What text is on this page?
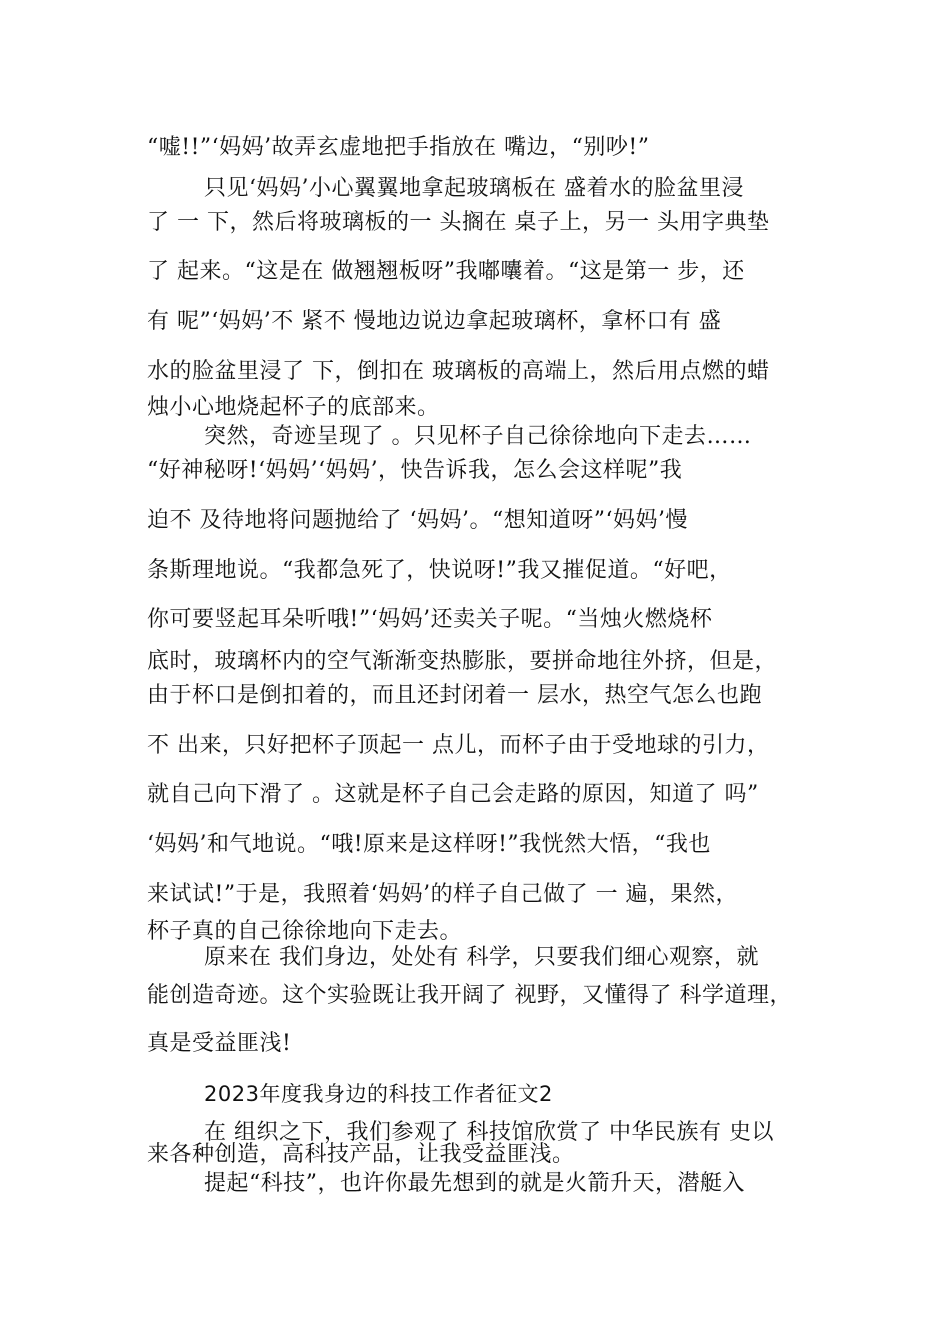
“嘘!!”‘妈妈’故弄玄虚地把手指放在 嘴边，“别吵!”
只见‘妈妈’小心翼翼地拿起玻璃板在 盛着水的脸盆里浸
了 一 下，然后将玻璃板的一 头搁在 桌子上，另一 头用字典垫
了 起来。“这是在 做翘翘板呀”我嘟囔着。“这是第一 步，还
有 呢”‘妈妈’不 紧不 慢地边说边拿起玻璃杯，拿杯口有 盛
水的脸盆里浸了 下，倒扣在 玻璃板的高端上，然后用点燃的蜡
烛小心地烧起杯子的底部来。
突然，奇迹呈现了 。只见杯子自己徐徐地向下走去……
“好神秘呀!‘妈妈’‘妈妈’，快告诉我，怎么会这样呢”我
迫不 及待地将问题抛给了 ‘妈妈’。“想知道呀”‘妈妈’慢
条斯理地说。“我都急死了，快说呀!”我又摧促道。“好吧，
你可要竖起耳朵听哦!”‘妈妈’还卖关子呢。“当烛火燃烧杯
底时，玻璃杯内的空气渐渐变热膨胀，要拼命地往外挤，但是，
由于杯口是倒扣着的，而且还封闭着一 层水，热空气怎么也跑
不 出来，只好把杯子顶起一 点儿，而杯子由于受地球的引力，
就自己向下滑了 。这就是杯子自己会走路的原因，知道了 吗”
‘妈妈’和气地说。“哦!原来是这样呀!”我恍然大悟，“我也
来试试!”于是，我照着‘妈妈’的样子自己做了 一 遍，果然，
杯子真的自己徐徐地向下走去。
原来在 我们身边，处处有 科学，只要我们细心观察，就
能创造奇迹。这个实验既让我开阔了 视野，又懂得了 科学道理，
真是受益匪浅!
2023年度我身边的科技工作者征文2
在 组织之下，我们参观了 科技馆欣赏了 中华民族有 史以
来各种创造，高科技产品，让我受益匪浅。
提起“科技”，也许你最先想到的就是火箭升天，潜艇入
